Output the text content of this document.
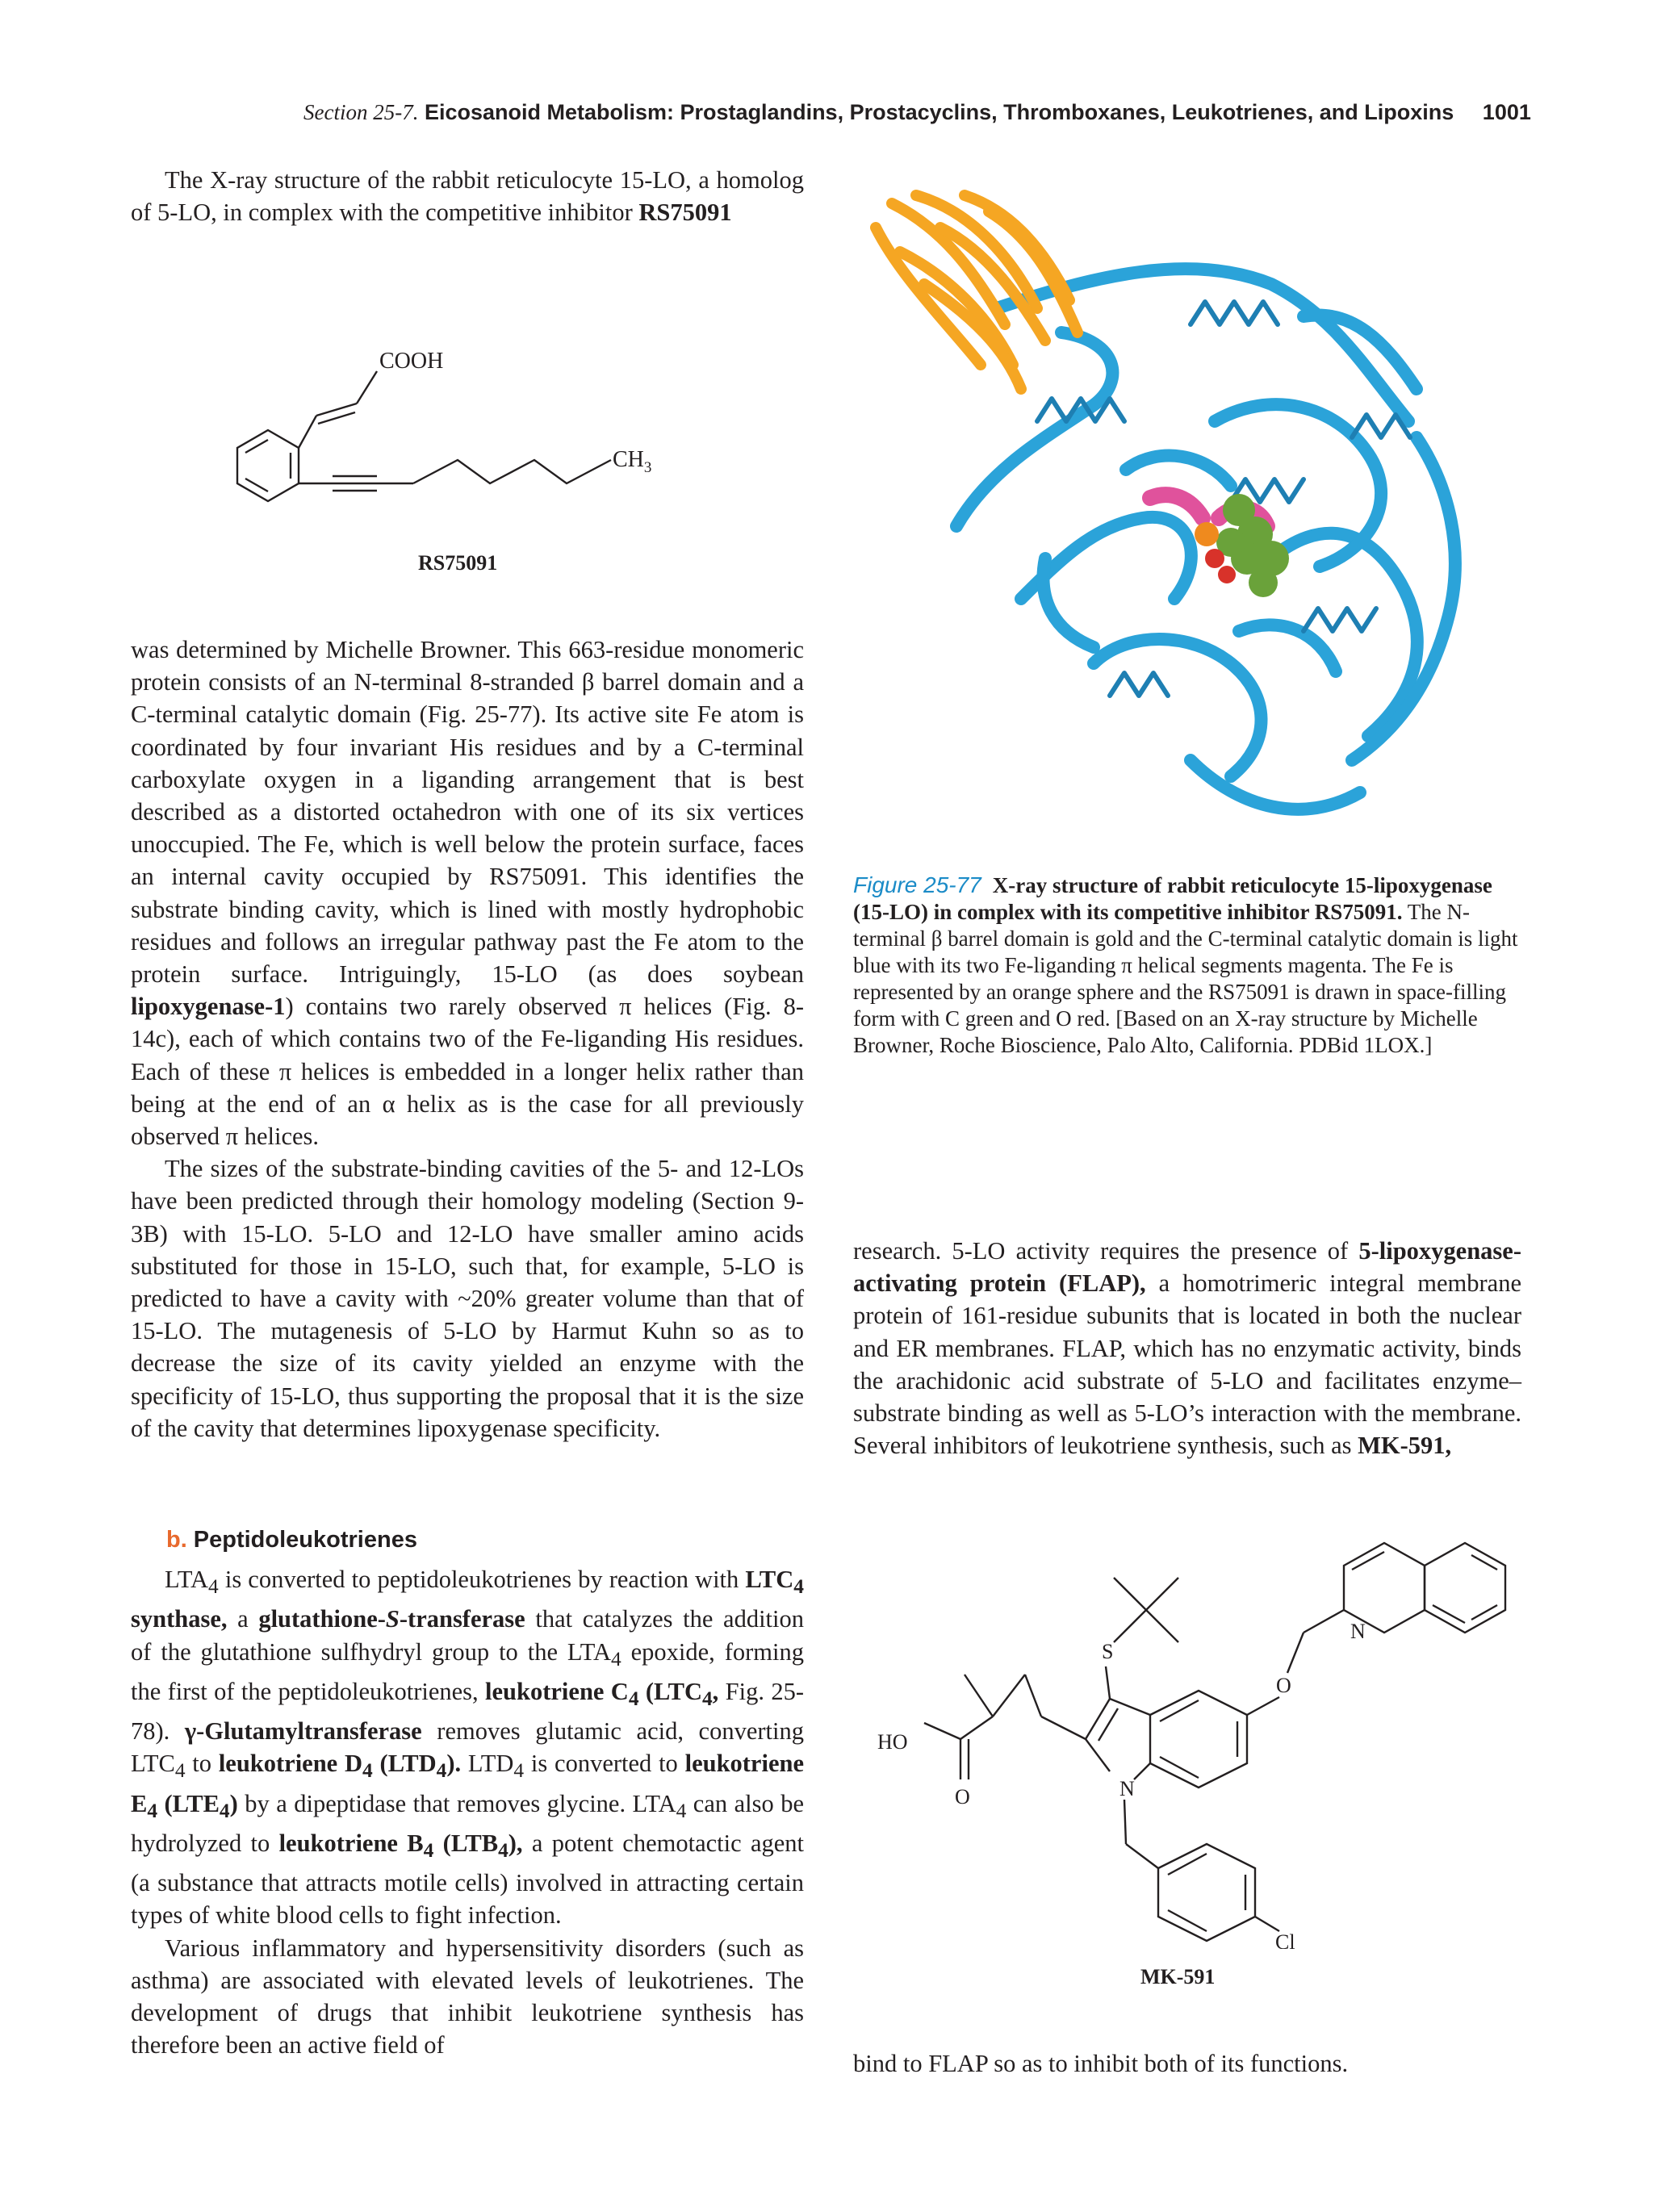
Section 25-7. Eicosanoid Metabolism: Prostaglandins, Prostacyclins, Thromboxanes, Leukotrienes, and Lipoxins 1001

The X-ray structure of the rabbit reticulocyte 15-LO, a homolog of 5-LO, in complex with the competitive inhibitor RS75091

COOH
$CH_3$
RS75091

was determined by Michelle Browner. This 663-residue monomeric protein consists of an N-terminal 8-stranded β barrel domain and a C-terminal catalytic domain (Fig. 25-77). Its active site Fe atom is coordinated by four invariant His residues and by a C-terminal carboxylate oxygen in a liganding arrangement that is best described as a distorted octahedron with one of its six vertices unoccupied. The Fe, which is well below the protein surface, faces an internal cavity occupied by RS75091. This identifies the substrate binding cavity, which is lined with mostly hydrophobic residues and follows an irregular pathway past the Fe atom to the protein surface. Intriguingly, 15-LO (as does soybean lipoxygenase-1) contains two rarely observed π helices (Fig. 8-14c), each of which contains two of the Fe-liganding His residues. Each of these π helices is embedded in a longer helix rather than being at the end of an α helix as is the case for all previously observed π helices.

The sizes of the substrate-binding cavities of the 5- and 12-LOs have been predicted through their homology modeling (Section 9-3B) with 15-LO. 5-LO and 12-LO have smaller amino acids substituted for those in 15-LO, such that, for example, 5-LO is predicted to have a cavity with ~20% greater volume than that of 15-LO. The mutagenesis of 5-LO by Harmut Kuhn so as to decrease the size of its cavity yielded an enzyme with the specificity of 15-LO, thus supporting the proposal that it is the size of the cavity that determines lipoxygenase specificity.

b. Peptidoleukotrienes

$LTA_4$ is converted to peptidoleukotrienes by reaction with $LTC_4$ synthase, a glutathione-S-transferase that catalyzes the addition of the glutathione sulfhydryl group to the $LTA_4$ epoxide, forming the first of the peptidoleukotrienes, leukotriene $C_4$ ($LTC_4$, Fig. 25-78). γ-Glutamyltransferase removes glutamic acid, converting $LTC_4$ to leukotriene $D_4$ $(LTD_4)$. $LTD_4$ is converted to leukotriene $E_4$ $(LTE_4)$ by a dipeptidase that removes glycine. $LTA_4$ can also be hydrolyzed to leukotriene $B_4$ $(LTB_4)$, a potent chemotactic agent (a substance that attracts motile cells) involved in attracting certain types of white blood cells to fight infection.

Various inflammatory and hypersensitivity disorders (such as asthma) are associated with elevated levels of leukotrienes. The development of drugs that inhibit leukotriene synthesis has therefore been an active field of

Figure 25-77 X-ray structure of rabbit reticulocyte 15-lipoxygenase (15-LO) in complex with its competitive inhibitor RS75091. The N-terminal β barrel domain is gold and the C-terminal catalytic domain is light blue with its two Fe-liganding π helical segments magenta. The Fe is represented by an orange sphere and the RS75091 is drawn in space-filling form with C green and O red. [Based on an X-ray structure by Michelle Browner, Roche Bioscience, Palo Alto, California. PDBid 1LOX.]

research. 5-LO activity requires the presence of 5-lipoxygenase-activating protein (FLAP), a homotrimeric integral membrane protein of 161-residue subunits that is located in both the nuclear and ER membranes. FLAP, which has no enzymatic activity, binds the arachidonic acid substrate of 5-LO and facilitates enzyme–substrate binding as well as 5-LO’s interaction with the membrane. Several inhibitors of leukotriene synthesis, such as MK-591,

S
N
N
O
HO
O
Cl
MK-591

bind to FLAP so as to inhibit both of its functions.
